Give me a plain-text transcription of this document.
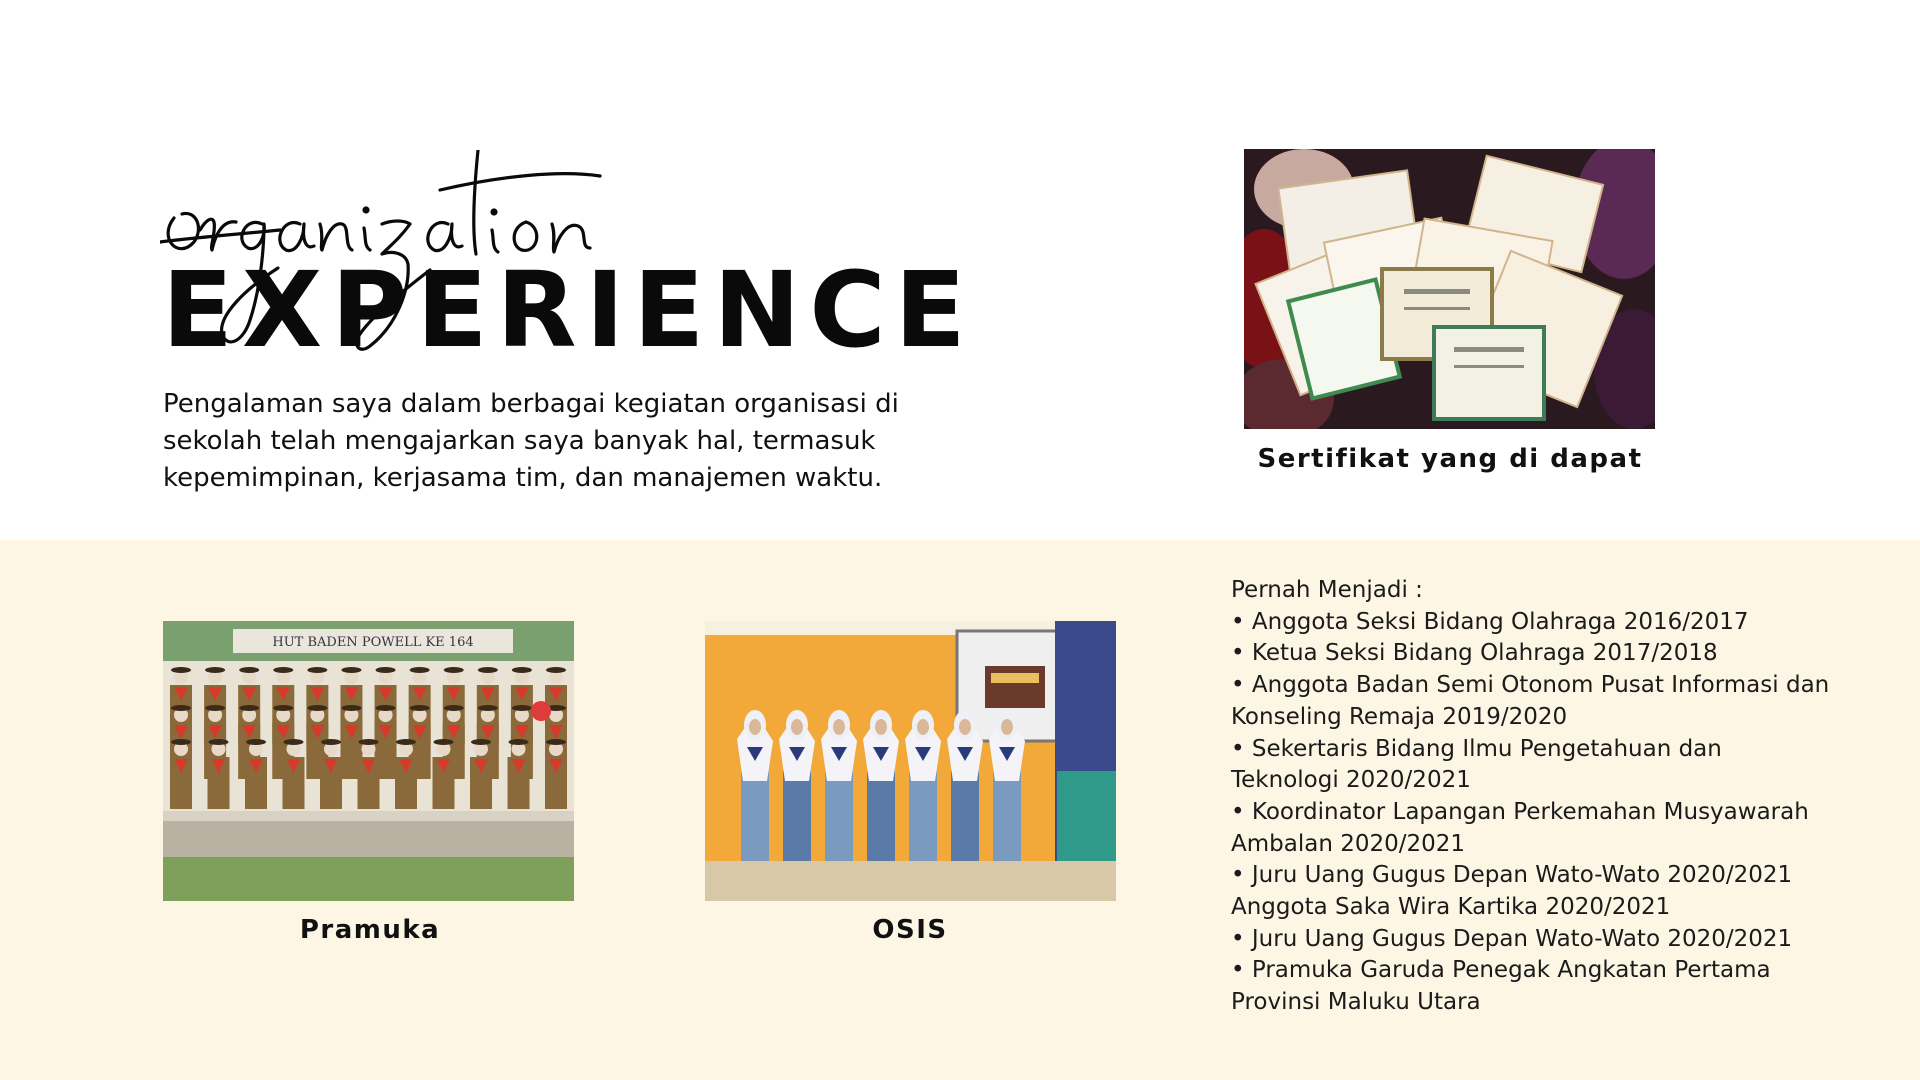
EXPERIENCE

Pengalaman saya dalam berbagai kegiatan organisasi di sekolah telah mengajarkan saya banyak hal, termasuk kepemimpinan, kerjasama tim, dan manajemen waktu.

Sertifikat yang di dapat
HUT BADEN POWELL KE 164
Pramuka	OSIS
Pernah Menjadi :
• Anggota Seksi Bidang Olahraga 2016/2017
• Ketua Seksi Bidang Olahraga 2017/2018
• Anggota Badan Semi Otonom Pusat Informasi dan Konseling Remaja 2019/2020
• Sekertaris Bidang Ilmu Pengetahuan dan Teknologi 2020/2021
• Koordinator Lapangan Perkemahan Musyawarah Ambalan 2020/2021
• Juru Uang Gugus Depan Wato-Wato 2020/2021 Anggota Saka Wira Kartika 2020/2021
• Juru Uang Gugus Depan Wato-Wato 2020/2021
• Pramuka Garuda Penegak Angkatan Pertama Provinsi Maluku Utara
